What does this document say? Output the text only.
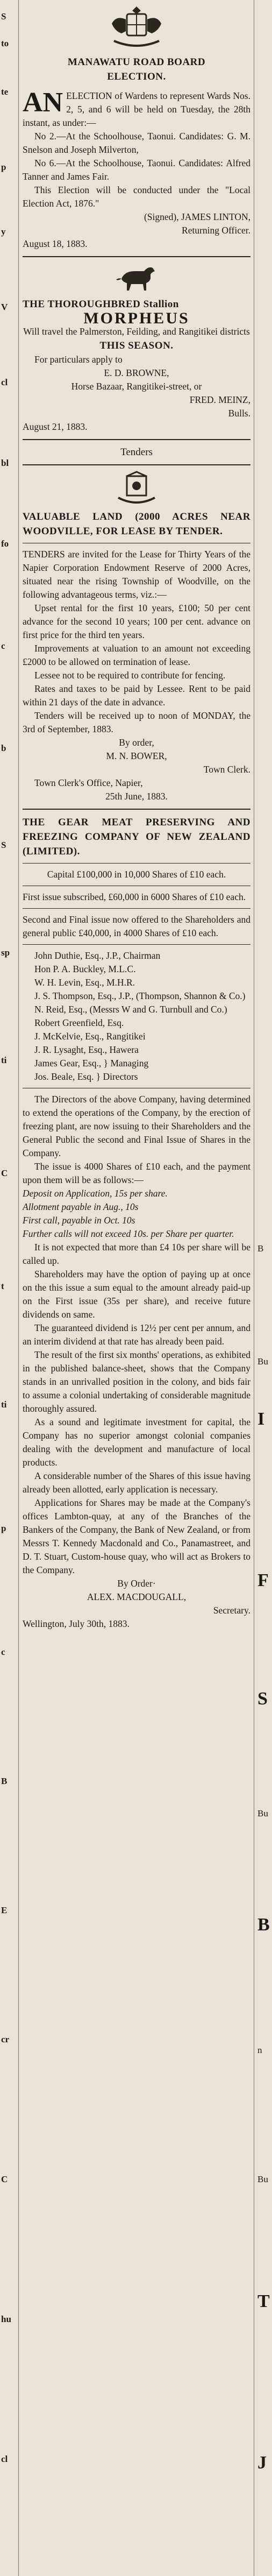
S
to
te
p
y
V
cl
bl
fo
c
b
S
sp
ti
C
t
ti
p
c
B
E
cr
C
hu
cl
B
Bu
I
F
S
Bu
B
n
Bu
T
J

MANAWATU ROAD BOARD

ELECTION.

AN ELECTION of Wardens to represent Wards Nos. 2, 5, and 6 will be held on Tuesday, the 28th instant, as under:—

No 2.—At the Schoolhouse, Taonui. Candidates: G. M. Snelson and Joseph Milverton,

No 6.—At the Schoolhouse, Taonui. Candidates: Alfred Tanner and James Fair.

This Election will be conducted under the "Local Election Act, 1876."

(Signed), JAMES LINTON,

Returning Officer.

August 18, 1883.

THE THOROUGHBRED Stallion

MORPHEUS

Will travel the Palmerston, Feilding, and Rangitikei districts

THIS SEASON.

For particulars apply to

E. D. BROWNE,

Horse Bazaar, Rangitikei-street, or

FRED. MEINZ,

Bulls.

August 21, 1883.

Tenders

VALUABLE LAND (2000 ACRES NEAR WOODVILLE, FOR LEASE BY TENDER.

TENDERS are invited for the Lease for Thirty Years of the Napier Corporation Endowment Reserve of 2000 Acres, situated near the rising Township of Woodville, on the following advantageous terms, viz.:—

Upset rental for the first 10 years, £100; 50 per cent advance for the second 10 years; 100 per cent. advance on first price for the third ten years.

Improvements at valuation to an amount not exceeding £2000 to be allowed on termination of lease.

Lessee not to be required to contribute for fencing.

Rates and taxes to be paid by Lessee. Rent to be paid within 21 days of the date in advance.

Tenders will be received up to noon of MONDAY, the 3rd of September, 1883.

By order,

M. N. BOWER,

Town Clerk.

Town Clerk's Office, Napier,

25th June, 1883.

THE GEAR MEAT PRESERVING AND FREEZING COMPANY OF NEW ZEALAND (LIMITED).

Capital £100,000 in 10,000 Shares of £10 each.

First issue subscribed, £60,000 in 6000 Shares of £10 each.

Second and Final issue now offered to the Shareholders and general public £40,000, in 4000 Shares of £10 each.

John Duthie, Esq., J.P., Chairman

Hon P. A. Buckley, M.L.C.

W. H. Levin, Esq., M.H.R.

J. S. Thompson, Esq., J.P., (Thompson, Shannon & Co.)

N. Reid, Esq., (Messrs W and G. Turnbull and Co.)

Robert Greenfield, Esq.

J. McKelvie, Esq., Rangitikei

J. R. Lysaght, Esq., Hawera

James Gear, Esq., } Managing

Jos. Beale, Esq. } Directors

The Directors of the above Company, having determined to extend the operations of the Company, by the erection of freezing plant, are now issuing to their Shareholders and the General Public the second and Final Issue of Shares in the Company.

The issue is 4000 Shares of £10 each, and the payment upon them will be as follows:—

Deposit on Application, 15s per share.

Allotment payable in Aug., 10s

First call, payable in Oct. 10s

Further calls will not exceed 10s. per Share per quarter.

It is not expected that more than £4 10s per share will be called up.

Shareholders may have the option of paying up at once on the this issue a sum equal to the amount already paid-up on the First issue (35s per share), and receive future dividends on same.

The guaranteed dividend is 12½ per cent per annum, and an interim dividend at that rate has already been paid.

The result of the first six months' operations, as exhibited in the published balance-sheet, shows that the Company stands in an unrivalled position in the colony, and bids fair to assume a colonial undertaking of considerable magnitude thoroughly assured.

As a sound and legitimate investment for capital, the Company has no superior amongst colonial companies dealing with the development and manufacture of local products.

A considerable number of the Shares of this issue having already been allotted, early application is necessary.

Applications for Shares may be made at the Company's offices Lambton-quay, at any of the Branches of the Bankers of the Company, the Bank of New Zealand, or from Messrs T. Kennedy Macdonald and Co., Panamastreet, and D. T. Stuart, Custom-house quay, who will act as Brokers to the Company.

By Order·

ALEX. MACDOUGALL,

Secretary.

Wellington, July 30th, 1883.
